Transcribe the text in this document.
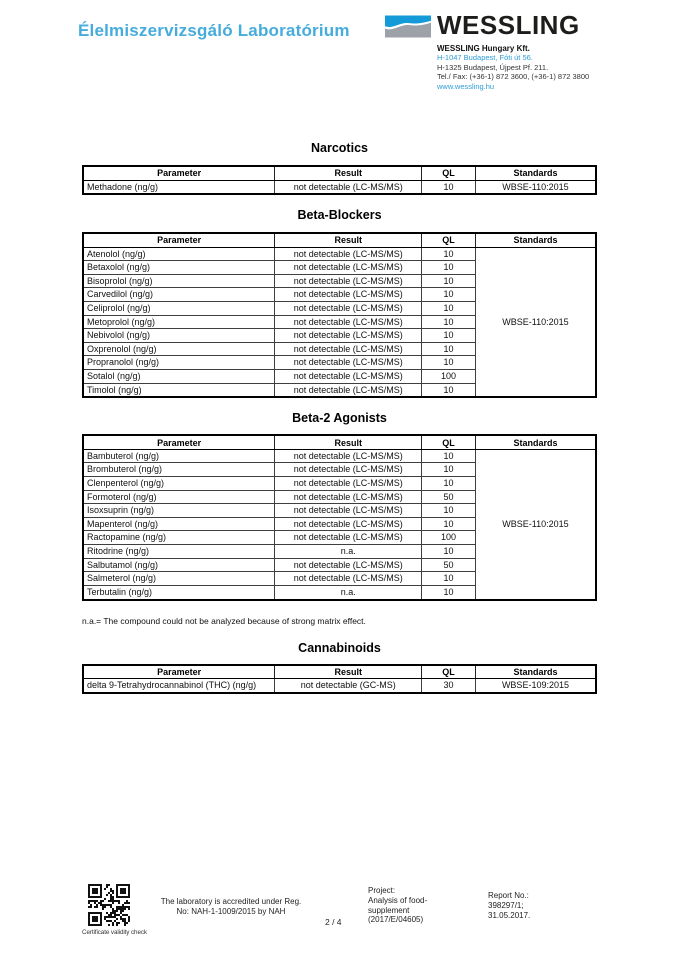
Élelmiszervizsgáló Laboratórium	WESSLING
WESSLING Hungary Kft.
H-1047 Budapest, Fóti út 56.
H-1325 Budapest, Újpest Pf. 211.
Tel./ Fax: (+36-1) 872 3600, (+36-1) 872 3800
www.wessling.hu
Narcotics
Parameter	Result	QL	Standards
Methadone (ng/g)	not detectable (LC-MS/MS)	10	WBSE-110:2015
Beta-Blockers
Parameter	Result	QL	Standards
Atenolol (ng/g)	not detectable (LC-MS/MS)	10	WBSE-110:2015
Betaxolol (ng/g)	not detectable (LC-MS/MS)	10	
Bisoprolol (ng/g)	not detectable (LC-MS/MS)	10	
Carvedilol (ng/g)	not detectable (LC-MS/MS)	10	
Celiprolol (ng/g)	not detectable (LC-MS/MS)	10	
Metoprolol (ng/g)	not detectable (LC-MS/MS)	10	
Nebivolol (ng/g)	not detectable (LC-MS/MS)	10	
Oxprenolol (ng/g)	not detectable (LC-MS/MS)	10	
Propranolol (ng/g)	not detectable (LC-MS/MS)	10	
Sotalol (ng/g)	not detectable (LC-MS/MS)	100	
Timolol (ng/g)	not detectable (LC-MS/MS)	10	
Beta-2 Agonists
Parameter	Result	QL	Standards
Bambuterol (ng/g)	not detectable (LC-MS/MS)	10	WBSE-110:2015
Brombuterol (ng/g)	not detectable (LC-MS/MS)	10	
Clenpenterol (ng/g)	not detectable (LC-MS/MS)	10	
Formoterol (ng/g)	not detectable (LC-MS/MS)	50	
Isoxsuprin (ng/g)	not detectable (LC-MS/MS)	10	
Mapenterol (ng/g)	not detectable (LC-MS/MS)	10	
Ractopamine (ng/g)	not detectable (LC-MS/MS)	100	
Ritodrine (ng/g)	n.a.	10	
Salbutamol (ng/g)	not detectable (LC-MS/MS)	50	
Salmeterol (ng/g)	not detectable (LC-MS/MS)	10	
Terbutalin (ng/g)	n.a.	10	
n.a.= The compound could not be analyzed because of strong matrix effect.
Cannabinoids
Parameter	Result	QL	Standards
delta 9-Tetrahydrocannabinol (THC) (ng/g)	not detectable (GC-MS)	30	WBSE-109:2015
Certificate validity check
The laboratory is accredited under Reg.
No: NAH-1-1009/2015 by NAH
2 / 4
Project:
Analysis of food-
supplement
(2017/E/04605)
Report No.:
398297/1;
31.05.2017.
